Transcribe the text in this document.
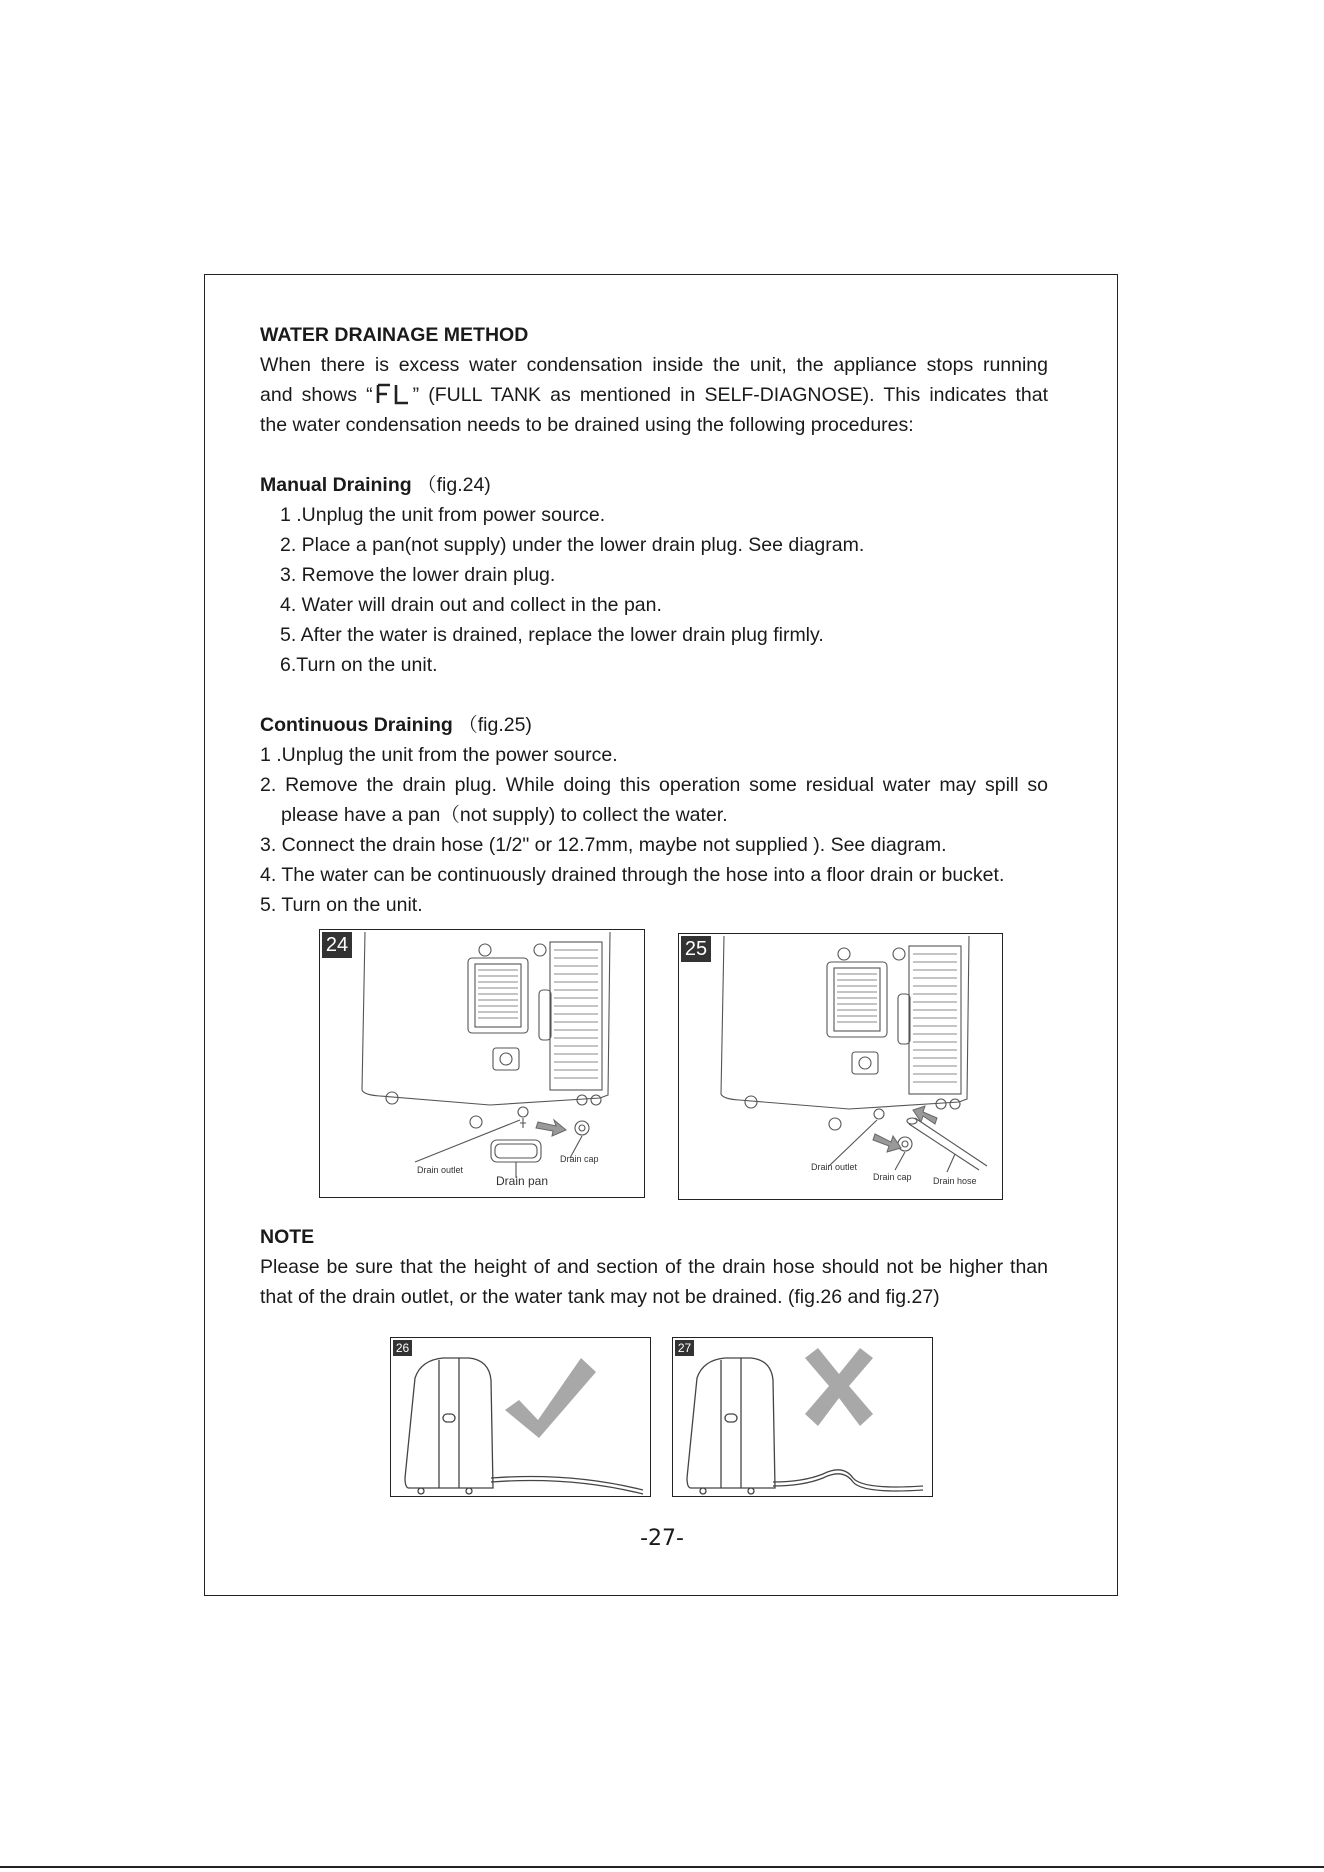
WATER DRAINAGE METHOD
When there is excess water condensation inside the unit, the appliance stops running
and shows “ ” (FULL TANK as mentioned in SELF-DIAGNOSE). This indicates that
the water condensation needs to be drained using the following procedures:
Manual Draining （fig.24)
1 .Unplug the unit from power source.
2. Place a pan(not supply) under the lower drain plug. See diagram.
3. Remove the lower drain plug.
4. Water will drain out and collect in the pan.
5. After the water is drained, replace the lower drain plug firmly.
6.Turn on the unit.
Continuous Draining （fig.25)
1 .Unplug the unit from the power source.
2. Remove the drain plug. While doing this operation some residual water may spill so
please have a pan（not supply) to collect the water.
3. Connect the drain hose (1/2" or 12.7mm, maybe not supplied ). See diagram.
4. The water can be continuously drained through the hose into a floor drain or bucket.
5. Turn on the unit.
24
Drain outlet
Drain pan
Drain cap
25
Drain outlet
Drain cap Drain hose
NOTE
Please be sure that the height of and section of the drain hose should not be higher than
that of the drain outlet, or the water tank may not be drained. (fig.26 and fig.27)
26	27
-27-
